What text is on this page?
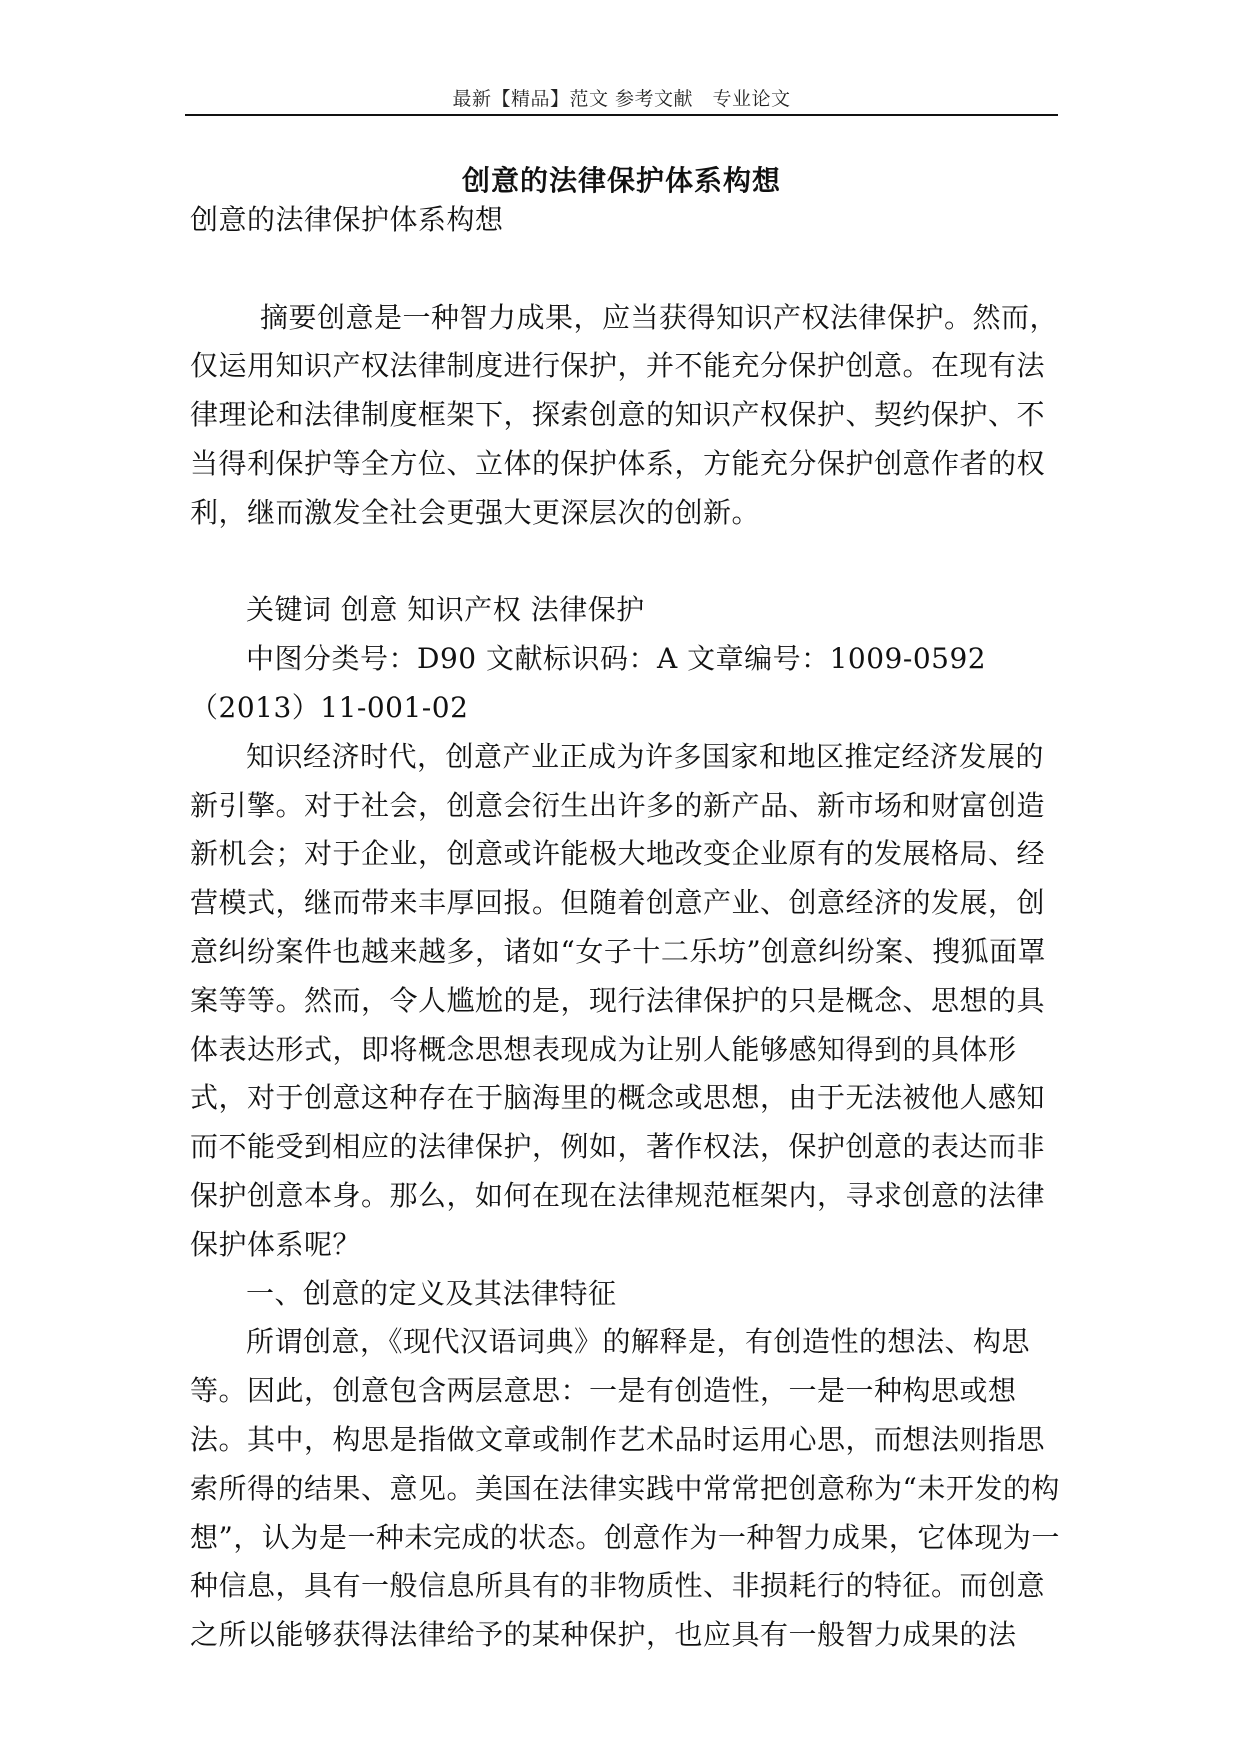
最新【精品】范文 参考文献　专业论文
创意的法律保护体系构想

创意的法律保护体系构想

摘要创意是一种智力成果，应当获得知识产权法律保护。然而，仅运用知识产权法律制度进行保护，并不能充分保护创意。在现有法律理论和法律制度框架下，探索创意的知识产权保护、契约保护、不当得利保护等全方位、立体的保护体系，方能充分保护创意作者的权利，继而激发全社会更强大更深层次的创新。

关键词 创意 知识产权 法律保护

中图分类号：D90 文献标识码：A 文章编号：1009-0592（2013）11-001-02

知识经济时代，创意产业正成为许多国家和地区推定经济发展的新引擎。对于社会，创意会衍生出许多的新产品、新市场和财富创造新机会；对于企业，创意或许能极大地改变企业原有的发展格局、经营模式，继而带来丰厚回报。但随着创意产业、创意经济的发展，创意纠纷案件也越来越多，诸如“女子十二乐坊”创意纠纷案、搜狐面罩案等等。然而，令人尴尬的是，现行法律保护的只是概念、思想的具体表达形式，即将概念思想表现成为让别人能够感知得到的具体形式，对于创意这种存在于脑海里的概念或思想，由于无法被他人感知而不能受到相应的法律保护，例如，著作权法，保护创意的表达而非保护创意本身。那么，如何在现在法律规范框架内，寻求创意的法律保护体系呢？

一、创意的定义及其法律特征

所谓创意，《现代汉语词典》的解释是，有创造性的想法、构思等。因此，创意包含两层意思：一是有创造性，一是一种构思或想法。其中，构思是指做文章或制作艺术品时运用心思，而想法则指思索所得的结果、意见。美国在法律实践中常常把创意称为“未开发的构想”，认为是一种未完成的状态。创意作为一种智力成果，它体现为一种信息，具有一般信息所具有的非物质性、非损耗行的特征。而创意之所以能够获得法律给予的某种保护，也应具有一般智力成果的法
